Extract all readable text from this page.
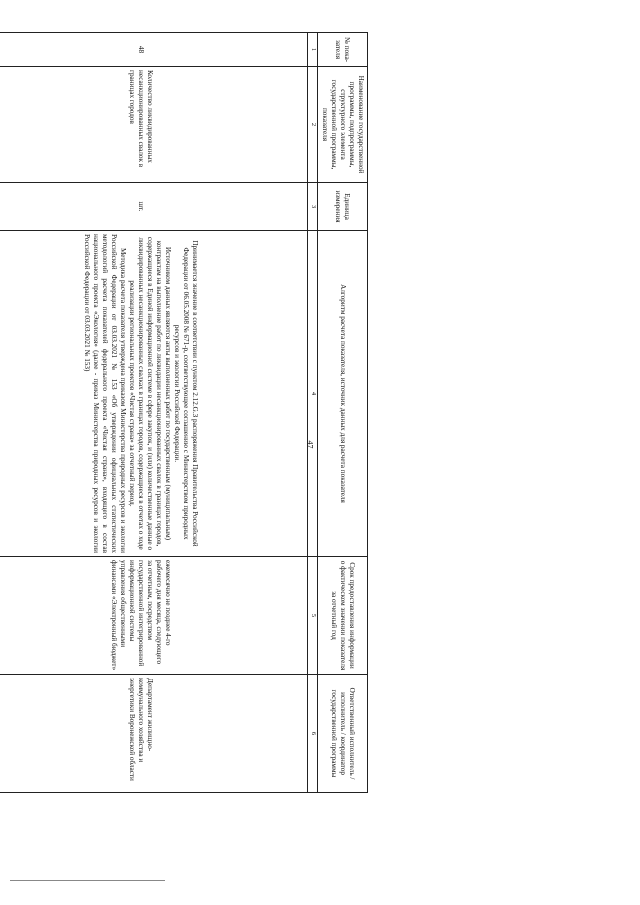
47
№ пока-зателя	Наименование государственной программы, подпрограммы, структурного элемента государственной программы, показателя	Единица измерения	Алгоритм расчета показателя, источник данных для расчета показателя	Срок предоставления информации о фактическом значении показателя за отчетный год	Ответственный исполнитель / исполнитель / координатор государственной программы
1	2	3	4	5	6
48	Количество ликвидированных несанкционированных свалок в границах городов	шт.	Принимается значение в соответствии с пунктом 2.12.G.3 распоряжения Правительства Российской Федерации от 06.05.2008 № 671-р, соответствующее соглашению с Министерством природных ресурсов и экологии Российской Федерации.

Источником данных являются акты выполненных работ по государственным (муниципальным) контрактам на выполнение работ по ликвидации несанкционированных свалок в границах городов, содержащиеся в Единой информационной системе в сфере закупок, и (или) количественные данные о ликвидированных несанкционированных свалках в границах городов, содержащиеся в отчетах о ходе реализации региональных проектов «Чистая страна» за отчетный период.

Методика расчета показателя утверждена приказом Министерства природных ресурсов и экологии Российской Федерации от 03.03.2021 № 153 «Об утверждении официальных статистических методологий расчета показателей федерального проекта «Чистая страна», входящего в состав национального проекта «Экология» (далее - приказ Министерства природных ресурсов и экологии Российской Федерации от 03.03.2021 № 153)	ежемесячно не позднее 4-го рабочего дня месяца, следующего за отчетным, посредством государственной интегрированной информационной системы управления общественными финансами «Электронный бюджет»	Департамент жилищно-коммунального хозяйства и энергетики Воронежской области
